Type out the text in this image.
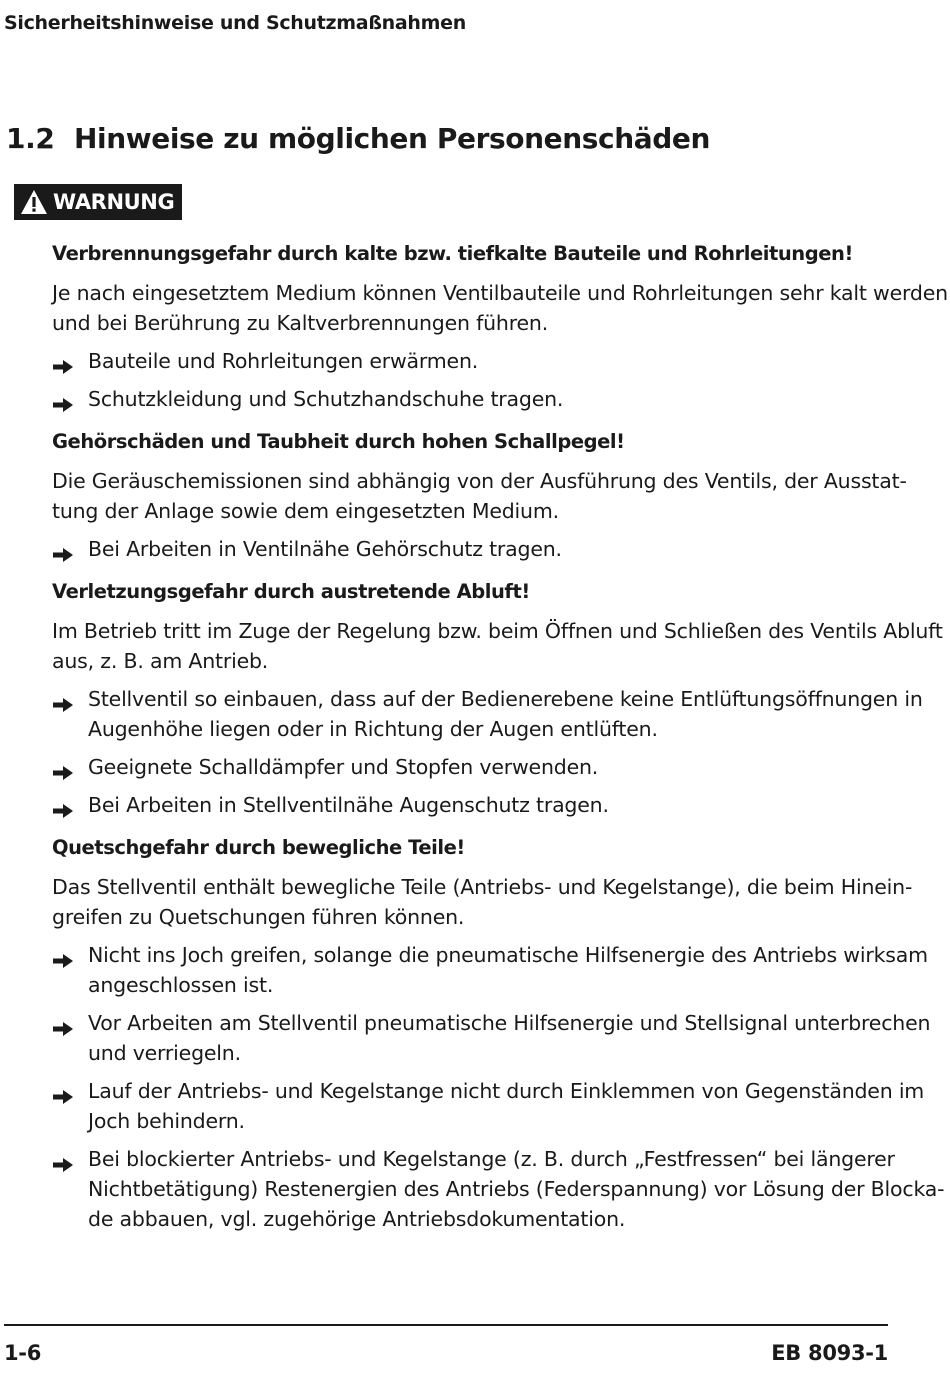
Sicherheitshinweise und Schutzmaßnahmen
1.2 Hinweise zu möglichen Personenschäden
WARNUNG
Verbrennungsgefahr durch kalte bzw. tiefkalte Bauteile und Rohrleitungen!
Je nach eingesetztem Medium können Ventilbauteile und Rohrleitungen sehr kalt werden
und bei Berührung zu Kaltverbrennungen führen.
Bauteile und Rohrleitungen erwärmen.
Schutzkleidung und Schutzhandschuhe tragen.
Gehörschäden und Taubheit durch hohen Schallpegel!
Die Geräuschemissionen sind abhängig von der Ausführung des Ventils, der Ausstat-
tung der Anlage sowie dem eingesetzten Medium.
Bei Arbeiten in Ventilnähe Gehörschutz tragen.
Verletzungsgefahr durch austretende Abluft!
Im Betrieb tritt im Zuge der Regelung bzw. beim Öffnen und Schließen des Ventils Abluft
aus, z. B. am Antrieb.
Stellventil so einbauen, dass auf der Bedienerebene keine Entlüftungsöffnungen in
Augenhöhe liegen oder in Richtung der Augen entlüften.
Geeignete Schalldämpfer und Stopfen verwenden.
Bei Arbeiten in Stellventilnähe Augenschutz tragen.
Quetschgefahr durch bewegliche Teile!
Das Stellventil enthält bewegliche Teile (Antriebs- und Kegelstange), die beim Hinein-
greifen zu Quetschungen führen können.
Nicht ins Joch greifen, solange die pneumatische Hilfsenergie des Antriebs wirksam
angeschlossen ist.
Vor Arbeiten am Stellventil pneumatische Hilfsenergie und Stellsignal unterbrechen
und verriegeln.
Lauf der Antriebs- und Kegelstange nicht durch Einklemmen von Gegenständen im
Joch behindern.
Bei blockierter Antriebs- und Kegelstange (z. B. durch „Festfressen“ bei längerer
Nichtbetätigung) Restenergien des Antriebs (Federspannung) vor Lösung der Blocka-
de abbauen, vgl. zugehörige Antriebsdokumentation.
1-6	EB 8093-1
